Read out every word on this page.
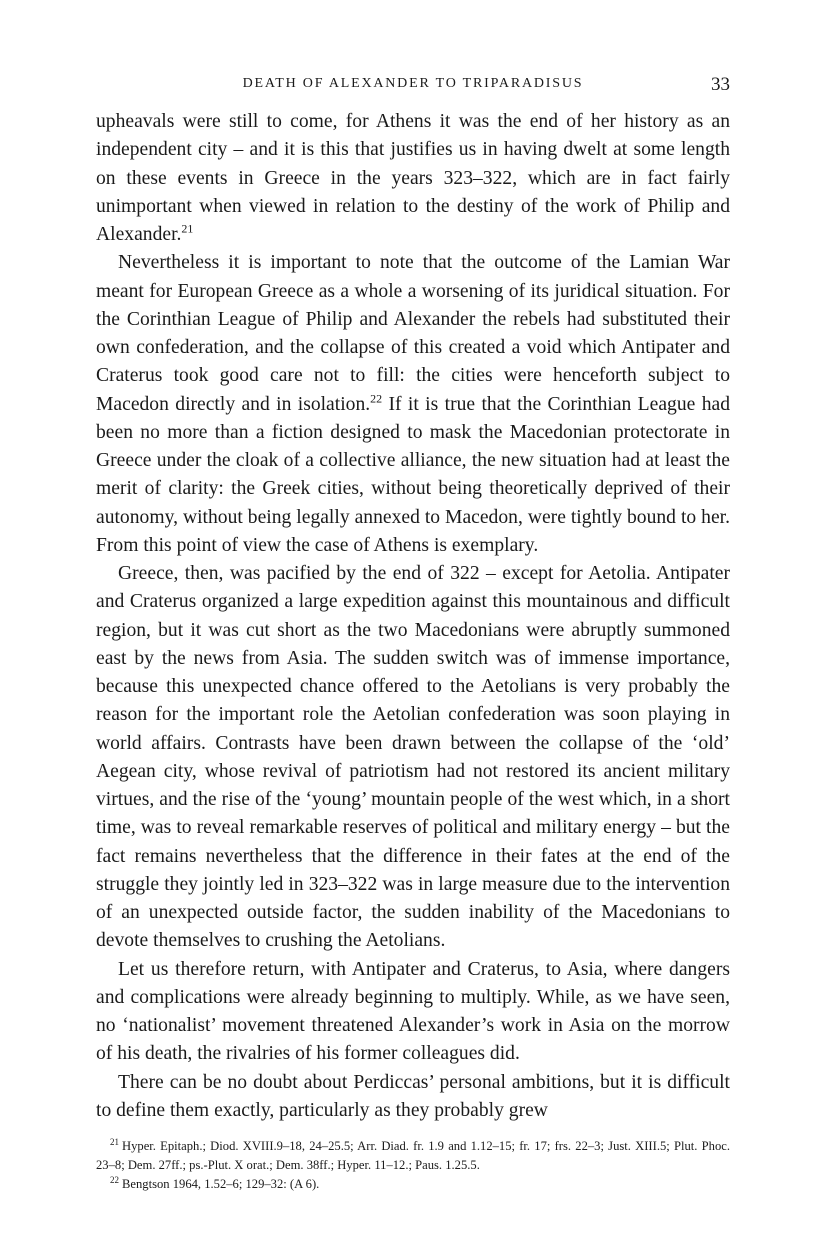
DEATH OF ALEXANDER TO TRIPARADISUS	33

upheavals were still to come, for Athens it was the end of her history as an independent city – and it is this that justifies us in having dwelt at some length on these events in Greece in the years 323–322, which are in fact fairly unimportant when viewed in relation to the destiny of the work of Philip and Alexander.$^{21}$

Nevertheless it is important to note that the outcome of the Lamian War meant for European Greece as a whole a worsening of its juridical situation. For the Corinthian League of Philip and Alexander the rebels had substituted their own confederation, and the collapse of this created a void which Antipater and Craterus took good care not to fill: the cities were henceforth subject to Macedon directly and in isolation.$^{22}$ If it is true that the Corinthian League had been no more than a fiction designed to mask the Macedonian protectorate in Greece under the cloak of a collective alliance, the new situation had at least the merit of clarity: the Greek cities, without being theoretically deprived of their autonomy, without being legally annexed to Macedon, were tightly bound to her. From this point of view the case of Athens is exemplary.

Greece, then, was pacified by the end of 322 – except for Aetolia. Antipater and Craterus organized a large expedition against this mountainous and difficult region, but it was cut short as the two Macedonians were abruptly summoned east by the news from Asia. The sudden switch was of immense importance, because this unexpected chance offered to the Aetolians is very probably the reason for the important role the Aetolian confederation was soon playing in world affairs. Contrasts have been drawn between the collapse of the ‘old’ Aegean city, whose revival of patriotism had not restored its ancient military virtues, and the rise of the ‘young’ mountain people of the west which, in a short time, was to reveal remarkable reserves of political and military energy – but the fact remains nevertheless that the difference in their fates at the end of the struggle they jointly led in 323–322 was in large measure due to the intervention of an unexpected outside factor, the sudden inability of the Macedonians to devote themselves to crushing the Aetolians.

Let us therefore return, with Antipater and Craterus, to Asia, where dangers and complications were already beginning to multiply. While, as we have seen, no ‘nationalist’ movement threatened Alexander’s work in Asia on the morrow of his death, the rivalries of his former colleagues did.

There can be no doubt about Perdiccas’ personal ambitions, but it is difficult to define them exactly, particularly as they probably grew

$^{21}$ Hyper. Epitaph.; Diod. XVIII.9–18, 24–25.5; Arr. Diad. fr. 1.9 and 1.12–15; fr. 17; frs. 22–3; Just. XIII.5; Plut. Phoc. 23–8; Dem. 27ff.; ps.-Plut. X orat.; Dem. 38ff.; Hyper. 11–12.; Paus. 1.25.5.

$^{22}$ Bengtson 1964, 1.52–6; 129–32: (A 6).
